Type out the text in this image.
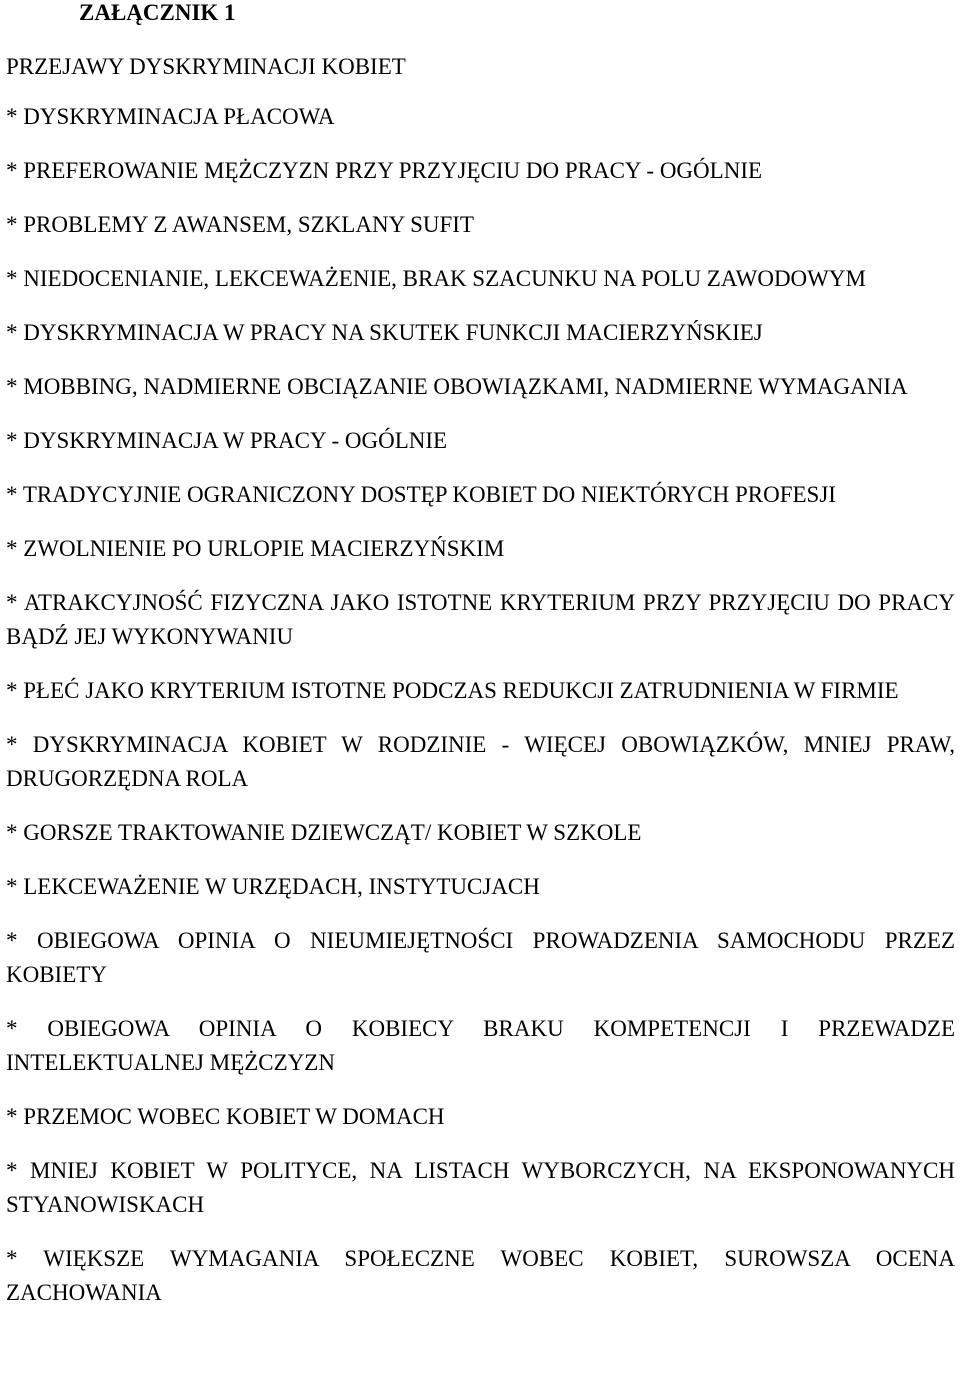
ZAŁĄCZNIK 1
PRZEJAWY DYSKRYMINACJI KOBIET
* DYSKRYMINACJA PŁACOWA
* PREFEROWANIE MĘŻCZYZN PRZY PRZYJĘCIU DO PRACY - OGÓLNIE
* PROBLEMY Z AWANSEM, SZKLANY SUFIT
* NIEDOCENIANIE, LEKCEWAŻENIE, BRAK SZACUNKU NA POLU ZAWODOWYM
* DYSKRYMINACJA W PRACY NA SKUTEK FUNKCJI MACIERZYŃSKIEJ
* MOBBING, NADMIERNE OBCIĄZANIE OBOWIĄZKAMI, NADMIERNE WYMAGANIA
* DYSKRYMINACJA W PRACY - OGÓLNIE
* TRADYCYJNIE OGRANICZONY DOSTĘP KOBIET DO NIEKTÓRYCH PROFESJI
* ZWOLNIENIE PO URLOPIE MACIERZYŃSKIM
* ATRAKCYJNOŚĆ FIZYCZNA JAKO ISTOTNE KRYTERIUM PRZY PRZYJĘCIU DO PRACY BĄDŹ JEJ WYKONYWANIU
* PŁEĆ JAKO KRYTERIUM ISTOTNE PODCZAS REDUKCJI ZATRUDNIENIA W FIRMIE
* DYSKRYMINACJA KOBIET W RODZINIE - WIĘCEJ OBOWIĄZKÓW, MNIEJ PRAW, DRUGORZĘDNA ROLA
* GORSZE TRAKTOWANIE DZIEWCZĄT/ KOBIET W SZKOLE
* LEKCEWAŻENIE W URZĘDACH, INSTYTUCJACH
* OBIEGOWA OPINIA O NIEUMIEJĘTNOŚCI PROWADZENIA SAMOCHODU PRZEZ KOBIETY
* OBIEGOWA OPINIA O KOBIECY BRAKU KOMPETENCJI I PRZEWADZE INTELEKTUALNEJ MĘŻCZYZN
* PRZEMOC WOBEC KOBIET W DOMACH
* MNIEJ KOBIET W POLITYCE, NA LISTACH WYBORCZYCH, NA EKSPONOWANYCH STYANOWISKACH
* WIĘKSZE WYMAGANIA SPOŁECZNE WOBEC KOBIET, SUROWSZA OCENA ZACHOWANIA
